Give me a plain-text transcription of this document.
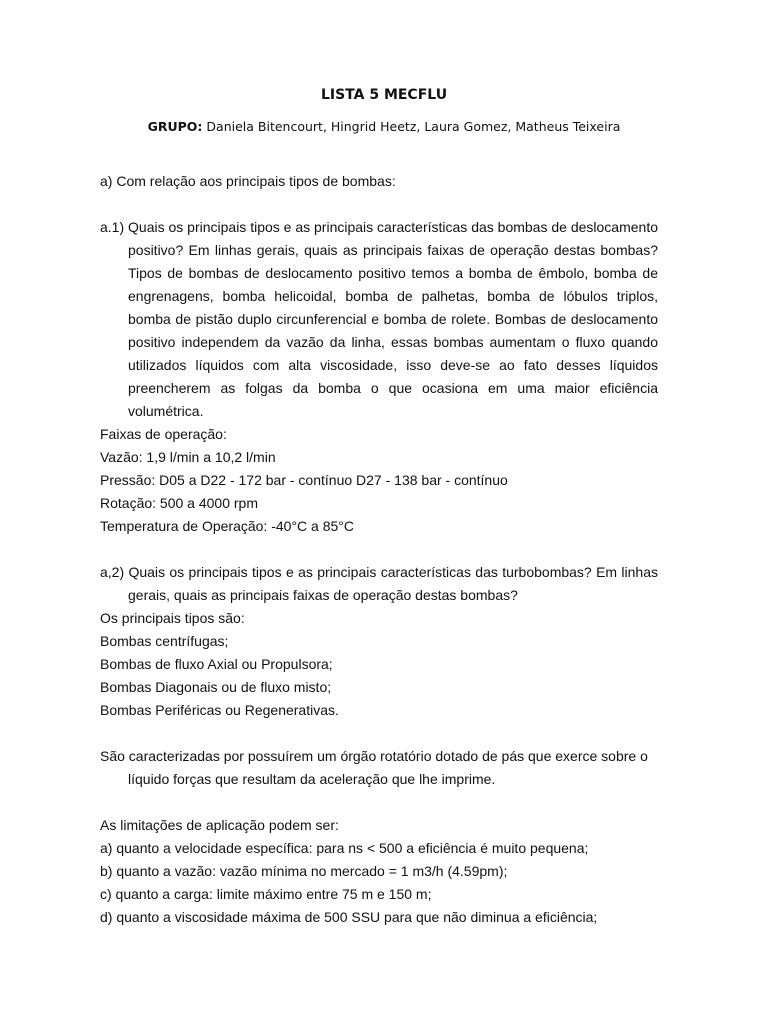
LISTA 5 MECFLU
GRUPO: Daniela Bitencourt, Hingrid Heetz, Laura Gomez, Matheus Teixeira

a) Com relação aos principais tipos de bombas:

a.1) Quais os principais tipos e as principais características das bombas de deslocamento positivo? Em linhas gerais, quais as principais faixas de operação destas bombas? Tipos de bombas de deslocamento positivo temos a bomba de êmbolo, bomba de engrenagens, bomba helicoidal, bomba de palhetas, bomba de lóbulos triplos, bomba de pistão duplo circunferencial e bomba de rolete. Bombas de deslocamento positivo independem da vazão da linha, essas bombas aumentam o fluxo quando utilizados líquidos com alta viscosidade, isso deve-se ao fato desses líquidos preencherem as folgas da bomba o que ocasiona em uma maior eficiência volumétrica.

Faixas de operação:

Vazão: 1,9 l/min a 10,2 l/min

Pressão: D05 a D22 - 172 bar - contínuo D27 - 138 bar - contínuo

Rotação: 500 a 4000 rpm

Temperatura de Operação: -40°C a 85°C

a,2) Quais os principais tipos e as principais características das turbobombas? Em linhas gerais, quais as principais faixas de operação destas bombas?

Os principais tipos são:

Bombas centrífugas;

Bombas de fluxo Axial ou Propulsora;

Bombas Diagonais ou de fluxo misto;

Bombas Periféricas ou Regenerativas.

São caracterizadas por possuírem um órgão rotatório dotado de pás que exerce sobre o líquido forças que resultam da aceleração que lhe imprime.

As limitações de aplicação podem ser:

a) quanto a velocidade específica: para ns < 500 a eficiência é muito pequena;

b) quanto a vazão: vazão mínima no mercado = 1 m3/h (4.59pm);

c) quanto a carga: limite máximo entre 75 m e 150 m;

d) quanto a viscosidade máxima de 500 SSU para que não diminua a eficiência;
